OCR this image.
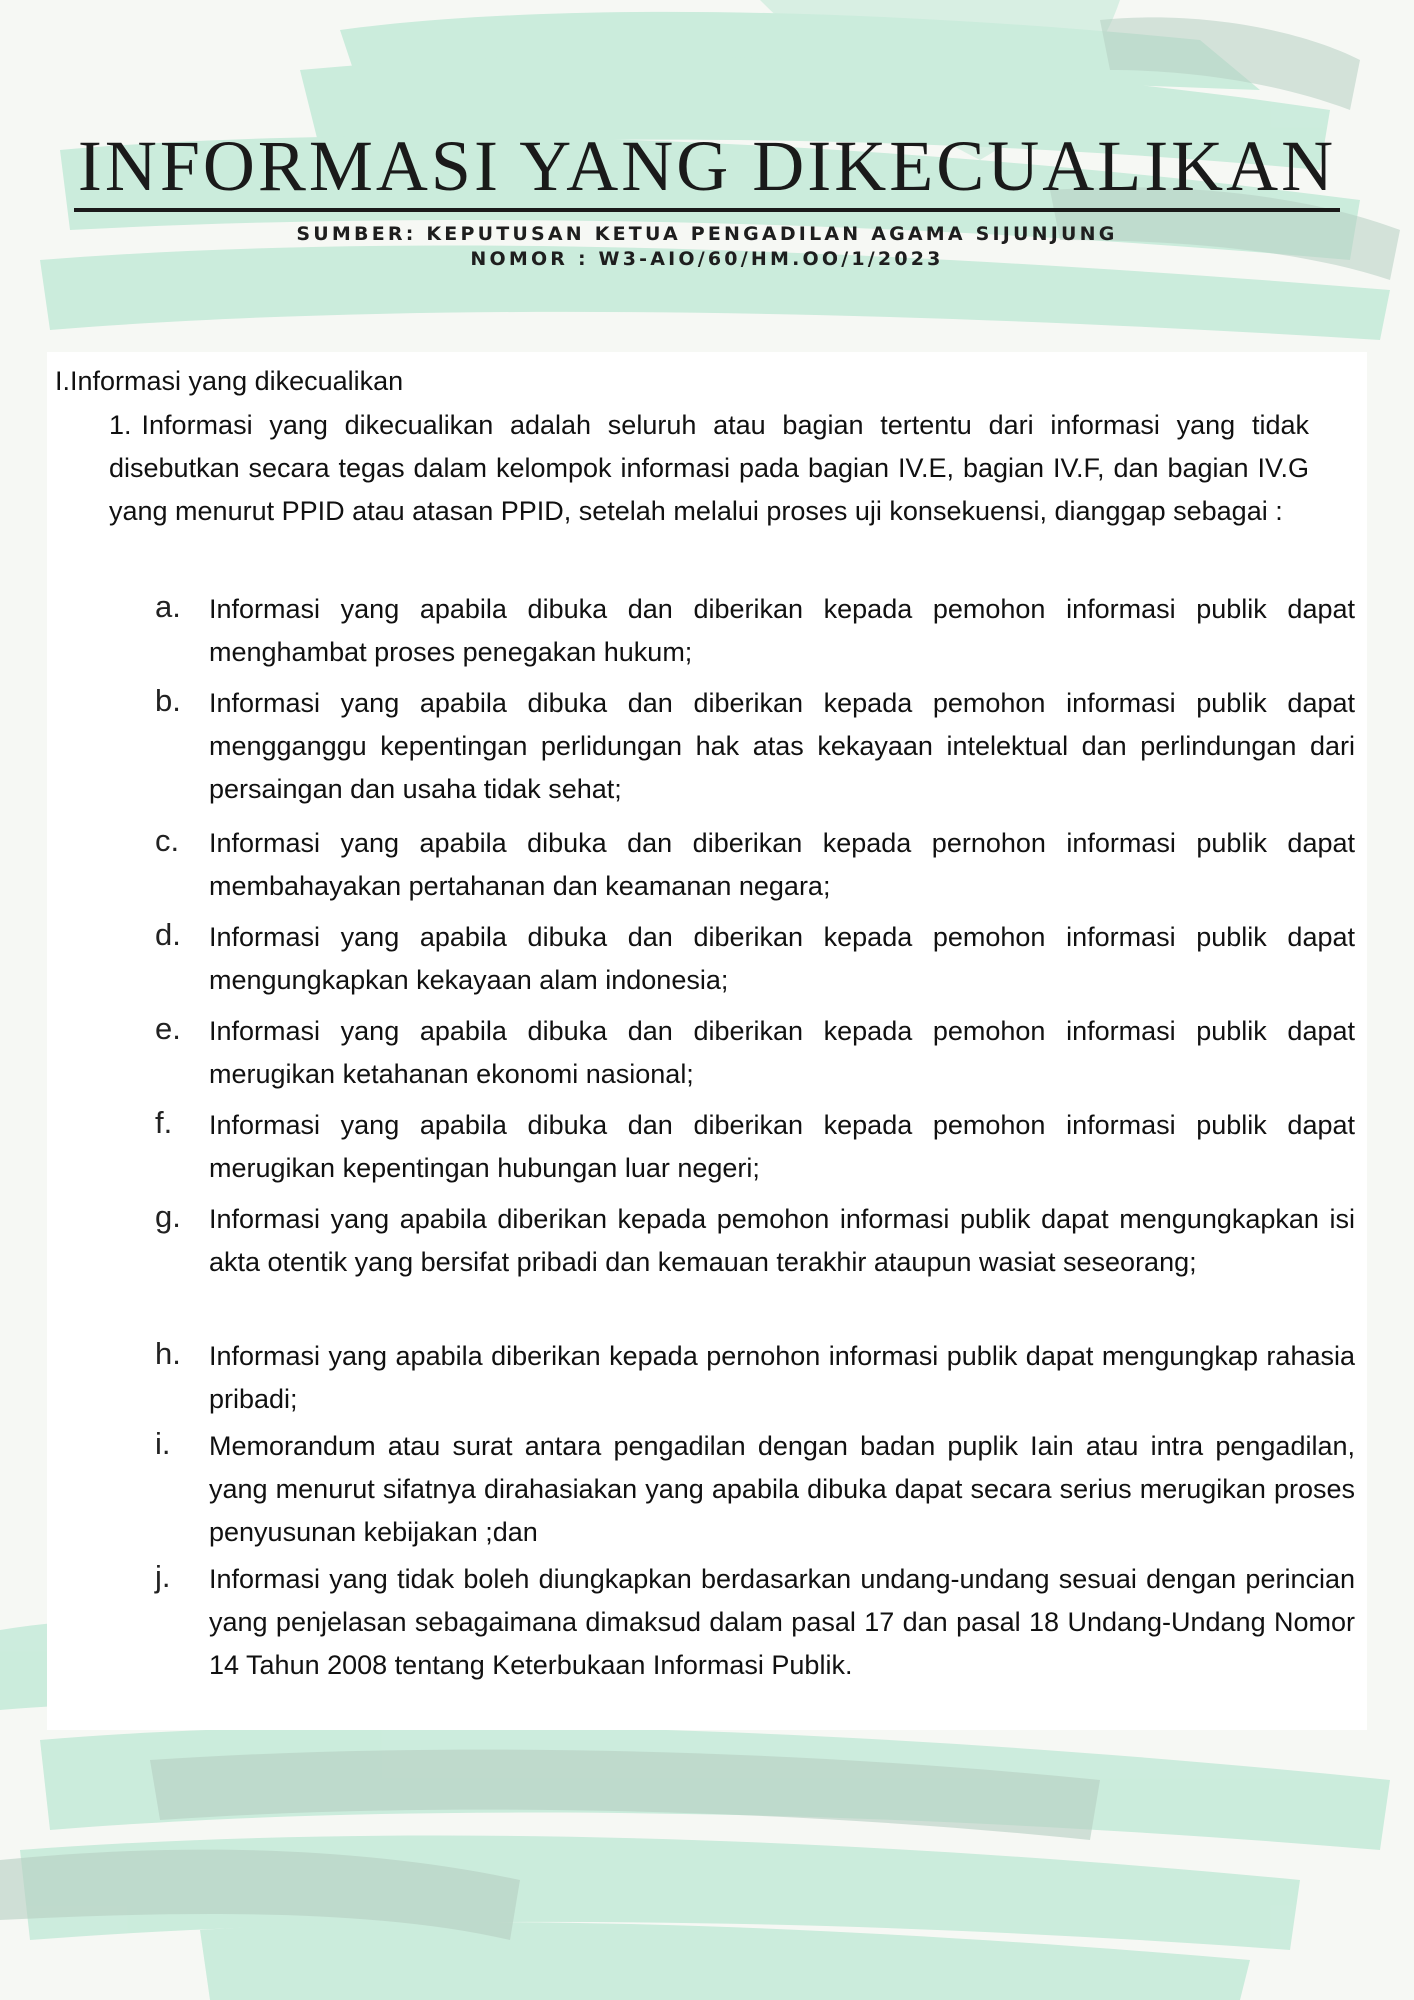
INFORMASI YANG DIKECUALIKAN
SUMBER: KEPUTUSAN KETUA PENGADILAN AGAMA SIJUNJUNG
NOMOR : W3-AIO/60/HM.OO/1/2023
I.Informasi yang dikecualikan
1. Informasi yang dikecualikan adalah seluruh atau bagian tertentu dari informasi yang tidak disebutkan secara tegas dalam kelompok informasi pada bagian IV.E, bagian IV.F, dan bagian IV.G yang menurut PPID atau atasan PPID, setelah melalui proses uji konsekuensi, dianggap sebagai :
a. Informasi yang apabila dibuka dan diberikan kepada pemohon informasi publik dapat menghambat proses penegakan hukum;
b. Informasi yang apabila dibuka dan diberikan kepada pemohon informasi publik dapat mengganggu kepentingan perlidungan hak atas kekayaan intelektual dan perlindungan dari persaingan dan usaha tidak sehat;
c. Informasi yang apabila dibuka dan diberikan kepada pernohon informasi publik dapat membahayakan pertahanan dan keamanan negara;
d. Informasi yang apabila dibuka dan diberikan kepada pemohon informasi publik dapat mengungkapkan kekayaan alam indonesia;
e. Informasi yang apabila dibuka dan diberikan kepada pemohon informasi publik dapat merugikan ketahanan ekonomi nasional;
f. Informasi yang apabila dibuka dan diberikan kepada pemohon informasi publik dapat merugikan kepentingan hubungan luar negeri;
g. Informasi yang apabila diberikan kepada pemohon informasi publik dapat mengungkapkan isi akta otentik yang bersifat pribadi dan kemauan terakhir ataupun wasiat seseorang;
h. Informasi yang apabila diberikan kepada pernohon informasi publik dapat mengungkap rahasia pribadi;
i. Memorandum atau surat antara pengadilan dengan badan puplik Iain atau intra pengadilan, yang menurut sifatnya dirahasiakan yang apabila dibuka dapat secara serius merugikan proses penyusunan kebijakan ;dan
j. Informasi yang tidak boleh diungkapkan berdasarkan undang-undang sesuai dengan perincian yang penjelasan sebagaimana dimaksud dalam pasal 17 dan pasal 18 Undang-Undang Nomor 14 Tahun 2008 tentang Keterbukaan Informasi Publik.
